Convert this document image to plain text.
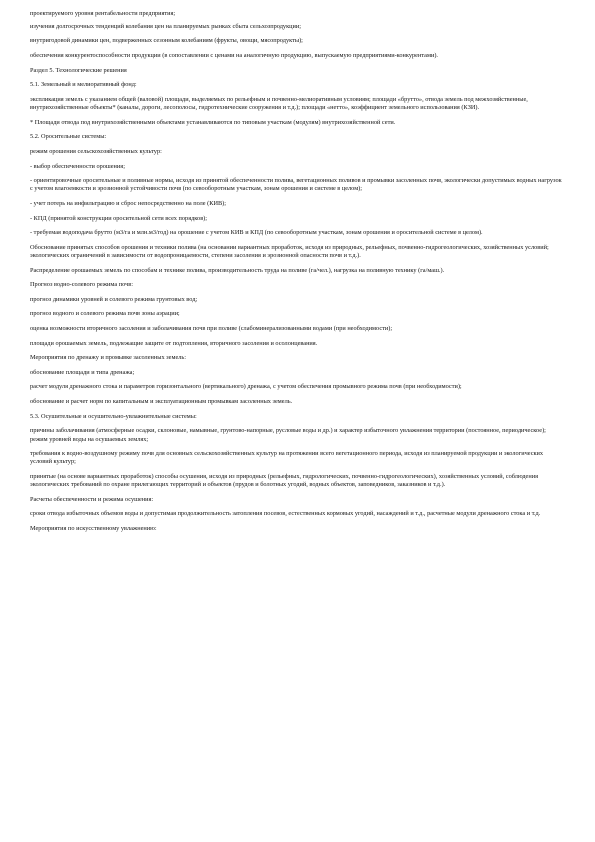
проектируемого уровня рентабельности предприятия;

изучения долгосрочных тенденций колебания цен на планируемых рынках сбыта сельхозпродукции;

внутригодовой динамики цен, подверженных сезонным колебаниям (фрукты, овощи, мясопродукты);

обеспечения конкурентоспособности продукции (в сопоставлении с ценами на аналогичную продукцию, выпускаемую предприятиями-конкурентами).

Раздел 5. Технологические решения

5.1. Земельный и мелиоративный фонд:

экспликация земель с указанием общей (валовой) площади, выделяемых по рельефным и почвенно-мелиоративным условиям; площади «брутто», отвода земель под межхозяйственные, внутрихозяйственные объекты* (каналы, дороги, лесополосы, гидротехнические сооружения и т.д.); площади «нетто», коэффициент земельного использования (КЗИ).

* Площади отвода под внутрихозяйственными объектами устанавливаются по типовым участкам (модулям) внутрихозяйственной сети.

5.2. Оросительные системы:

режим орошения сельскохозяйственных культур:

- выбор обеспеченности орошения;

- ориентировочные оросительные и поливные нормы, исходя из принятой обеспеченности полива, вегетационных поливов и промывки засоленных почв, экологически допустимых водных нагрузок с учетом влагоемкости и эрозионной устойчивости почв (по севооборотным участкам, зонам орошения и системе в целом);

- учет потерь на инфильтрацию и сброс непосредственно на поле (КИВ);

- КПД (принятой конструкции оросительной сети всех порядков);

- требуемая водоподача брутто (м3/га и млн.м3/год) на орошение с учетом КИВ и КПД (по севооборотным участкам, зонам орошения и оросительной системе в целом).

Обоснование принятых способов орошения и техники полива (на основании вариантных проработок, исходя из природных, рельефных, почвенно-гидрогеологических, хозяйственных условий; экологических ограничений в зависимости от водопроницаемости, степени засоления и эрозионной опасности почв и т.д.).

Распределение орошаемых земель по способам и технике полива, производительность труда на поливе (га/чел.), нагрузка на поливную технику (га/маш.).

Прогноз водно-солевого режима почв:

прогноз динамики уровней и солевого режима грунтовых вод;

прогноз водного и солевого режима почв зоны аэрации;

оценка возможности вторичного засоления и заболачивания почв при поливе (слабоминерализованными водами (при необходимости);

площади орошаемых земель, подлежащие защите от подтопления, вторичного засоления и осолонцевания.

Мероприятия по дренажу и промывке засоленных земель:

обоснование площади и типа дренажа;

расчет модуля дренажного стока и параметров горизонтального (вертикального) дренажа, с учетом обеспечения промывного режима почв (при необходимости);

обоснование и расчет норм по капитальным и эксплуатационным промывкам засоленных земель.

5.3. Осушительные и осушительно-увлажнительные системы:

причины заболачивания (атмосферные осадки, склоновые, намывные, грунтово-напорные, русловые воды и др.) и характер избыточного увлажнения территории (постоянное, периодическое); режим уровней воды на осушаемых землях;

требования к водно-воздушному режиму почв для основных сельскохозяйственных культур на протяжении всего вегетационного периода, исходя из планируемой продукции и экологических условий культур;

принятые (на основе вариантных проработок) способы осушения, исходя из природных (рельефных, гидрологических, почвенно-гидрогеологических), хозяйственных условий, соблюдения экологических требований по охране прилегающих территорий и объектов (прудов и болотных угодий, водных объектов, заповедников, заказников и т.д.).

Расчеты обеспеченности и режима осушения:

сроки отвода избыточных объемов воды и допустимая продолжительность затопления посевов, естественных кормовых угодий, насаждений и т.д., расчетные модули дренажного стока и т.д.

Мероприятия по искусственному увлажнению:
